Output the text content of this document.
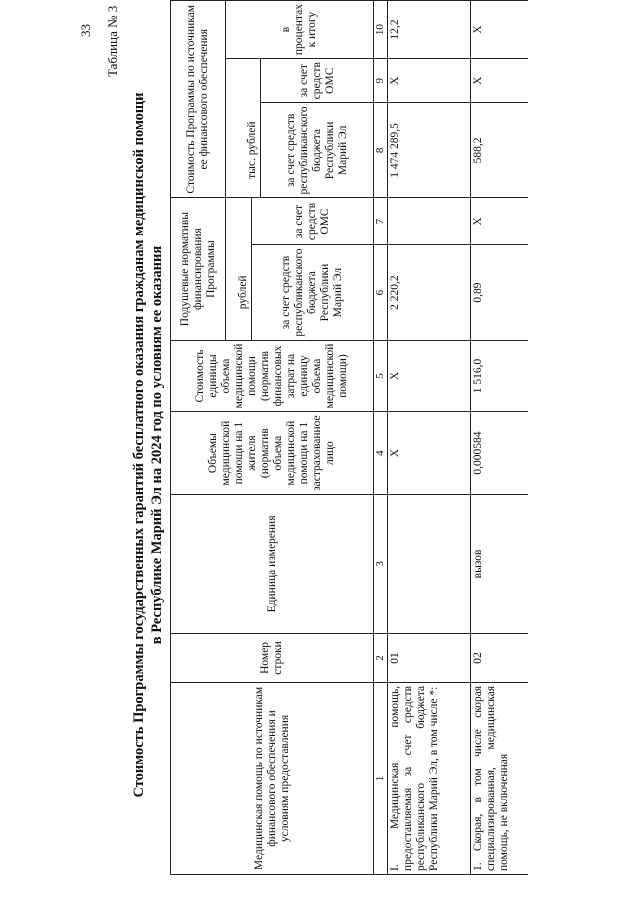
33 Таблица № 3
Стоимость Программы государственных гарантий бесплатного оказания гражданам медицинской помощи в Республике Марий Эл на 2024 год по условиям ее оказания
Медицинская помощь по источникам финансового обеспечения и условиям предоставления	Номер строки	Единица измерения	Объемы медицинской помощи на 1 жителя (норматив объема медицинской помощи на 1 застрахованное лицо	Стоимость единицы объема медицинской помощи (норматив финансовых затрат на единицу объема медицинской помощи)	Подушевые нормативы финансирования Программы		Стоимость Программы по источникам ее финансового обеспечения		
					рублей		тыс. рублей		в процентах к итогу
					за счет средств республиканского бюджета Республики Марий Эл	за счет средств ОМС			
							за счет средств республиканского бюджета Республики Марий Эл	за счет средств ОМС	
1	2	3	4	5	6	7	8	9	10
I. Медицинская помощь, предоставляемая за счет средств республиканского бюджета Республики Марий Эл, в том числе *:	01		Х	Х	2 220,2		1 474 289,5	Х	12,2
1. Скорая, в том числе скорая специализированная, медицинская помощь, не включенная	02	вызов	0,000584	1 516,0	0,89	Х	588,2	Х	Х
